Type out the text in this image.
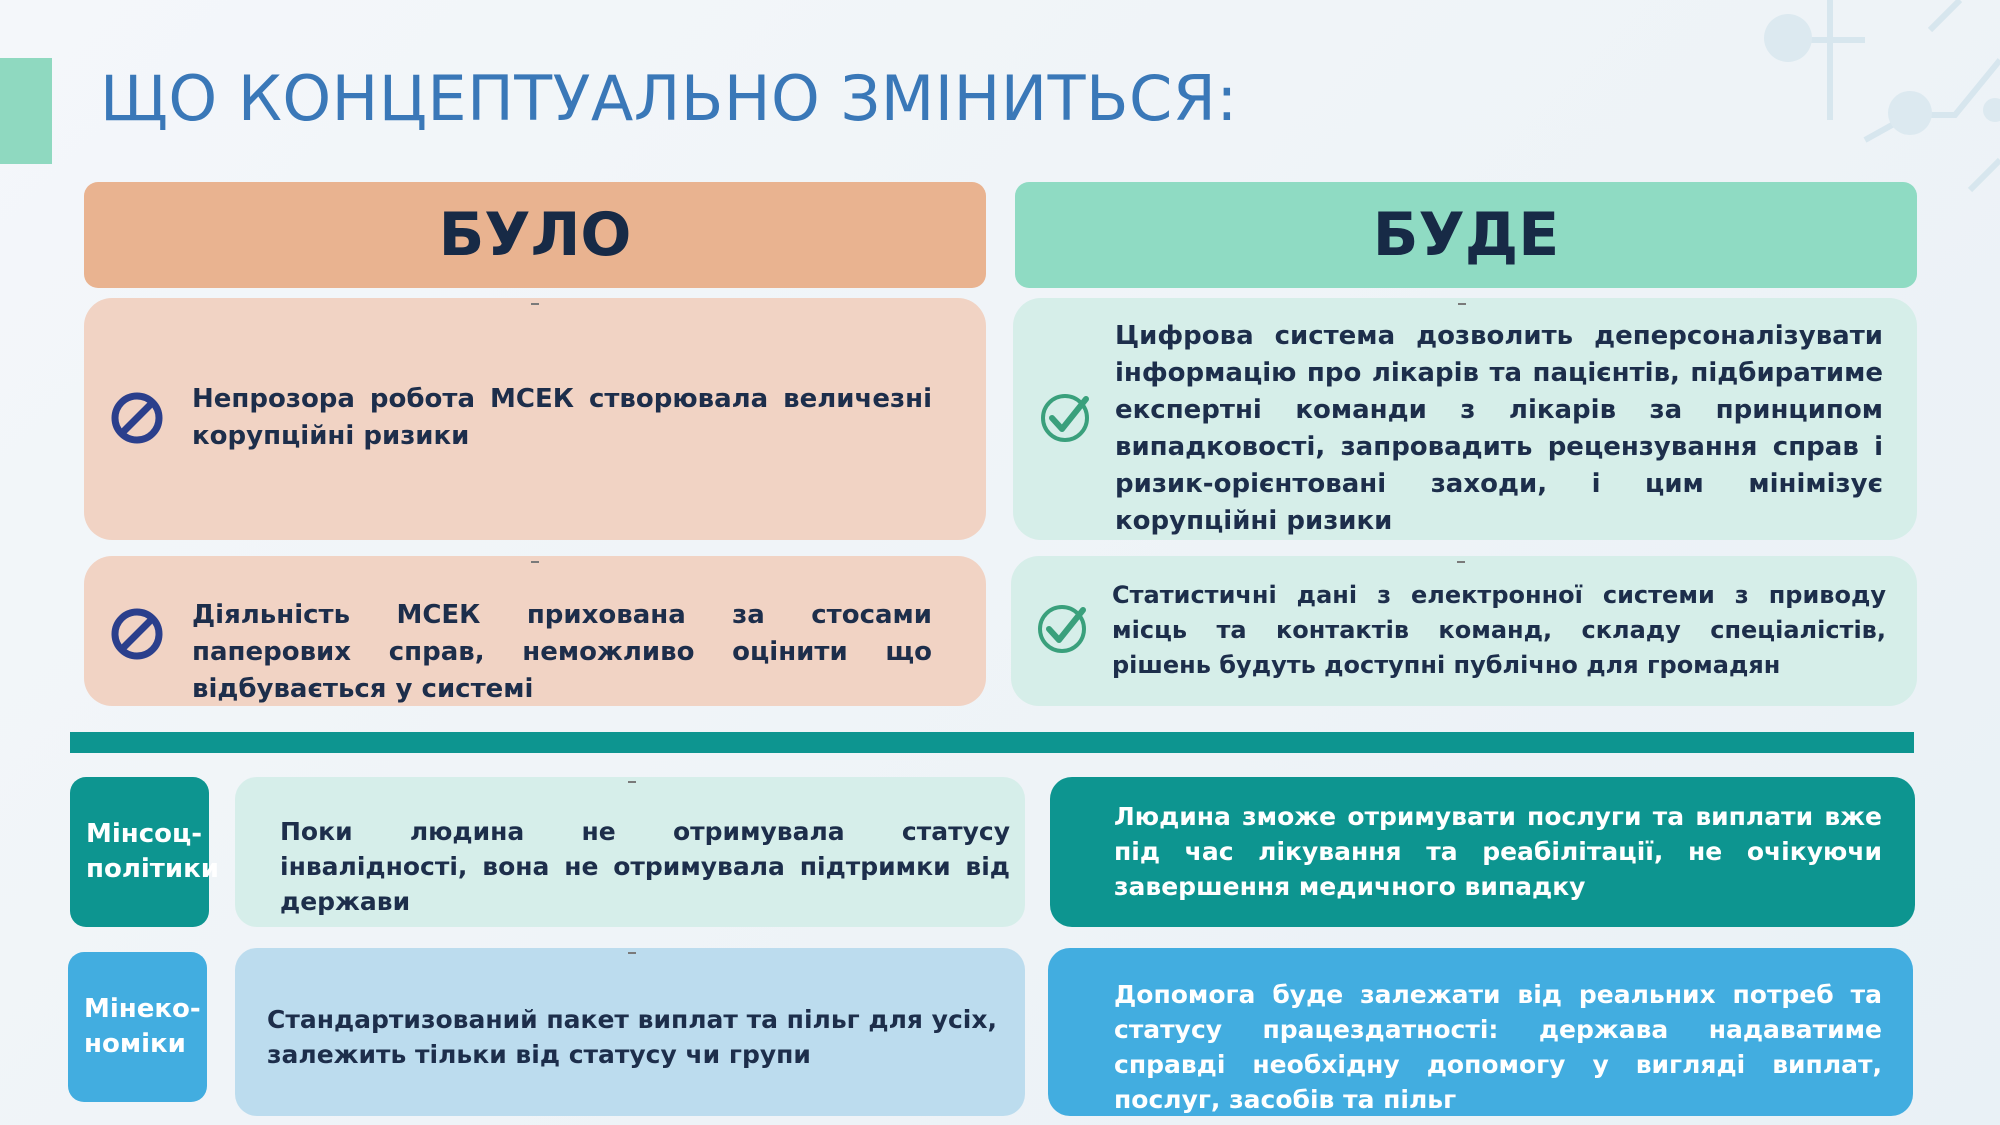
ЩО КОНЦЕПТУАЛЬНО ЗМІНИТЬСЯ:
БУЛО	БУДЕ
Непрозора робота МСЕК створювала величезні корупційні ризики
Цифрова система дозволить деперсоналізувати інформацію про лікарів та пацієнтів, підбиратиме експертні команди з лікарів за принципом випадковості, запровадить рецензування справ і ризик-орієнтовані заходи, і цим мінімізує корупційні ризики
Діяльність МСЕК прихована за стосами паперових справ, неможливо оцінити що відбувається у системі
Статистичні дані з електронної системи з приводу місць та контактів команд, складу спеціалістів, рішень будуть доступні публічно для громадян
Мінсоц-
політики
Поки людина не отримувала статусу інвалідності, вона не отримувала підтримки від держави
Людина зможе отримувати послуги та виплати вже під час лікування та реабілітації, не очікуючи завершення медичного випадку
Мінеко-
номіки
Стандартизований пакет виплат та пільг для усіх, залежить тільки від статусу чи групи
Допомога буде залежати від реальних потреб та статусу працездатності: держава надаватиме справді необхідну допомогу у вигляді виплат, послуг, засобів та пільг
